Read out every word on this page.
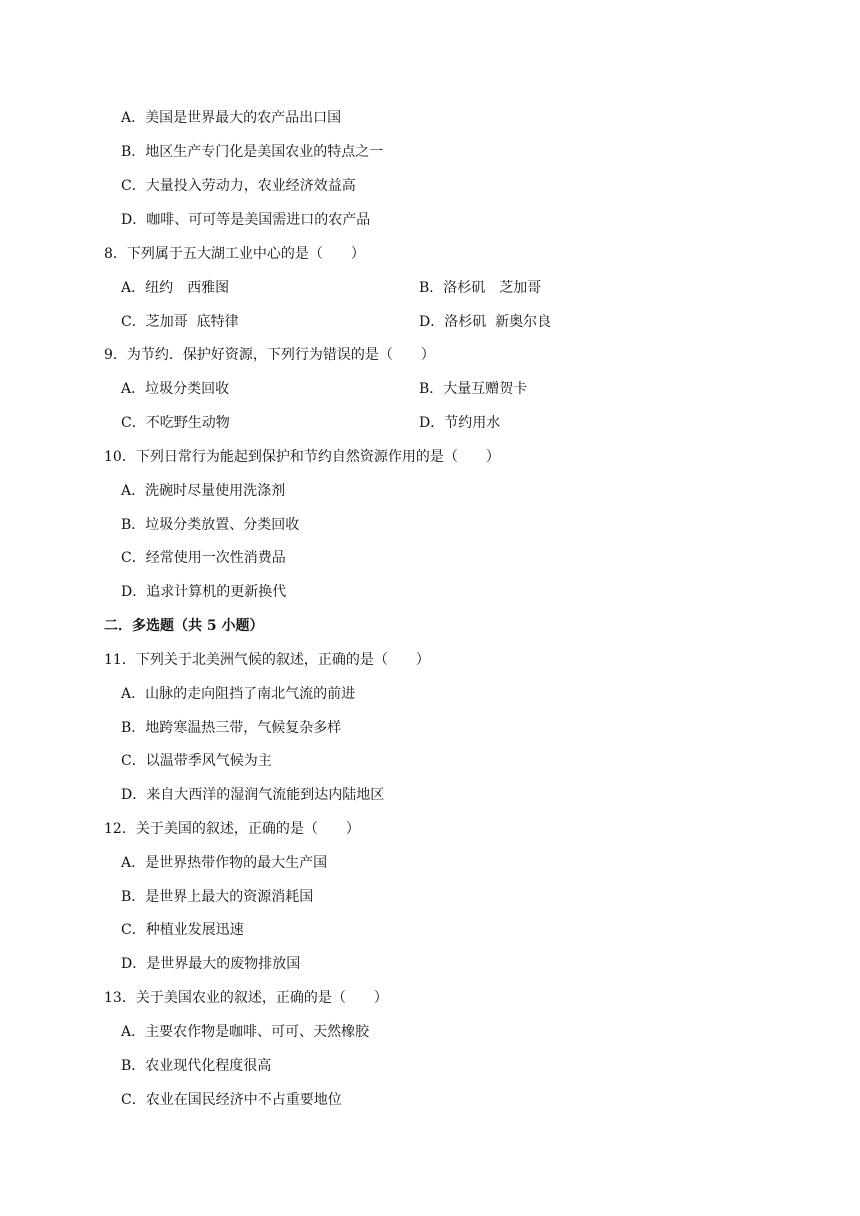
A．美国是世界最大的农产品出口国
B．地区生产专门化是美国农业的特点之一
C．大量投入劳动力，农业经济效益高
D．咖啡、可可等是美国需进口的农产品
8．下列属于五大湖工业中心的是（　　）
A．纽约　西雅图	B．洛杉矶　芝加哥
C．芝加哥  底特律	D．洛杉矶  新奥尔良
9．为节约．保护好资源，下列行为错误的是（　　）
A．垃圾分类回收	B．大量互赠贺卡
C．不吃野生动物	D．节约用水
10．下列日常行为能起到保护和节约自然资源作用的是（　　）
A．洗碗时尽量使用洗涤剂
B．垃圾分类放置、分类回收
C．经常使用一次性消费品
D．追求计算机的更新换代
二．多选题（共 5 小题）
11．下列关于北美洲气候的叙述，正确的是（　　）
A．山脉的走向阻挡了南北气流的前进
B．地跨寒温热三带，气候复杂多样
C．以温带季风气候为主
D．来自大西洋的湿润气流能到达内陆地区
12．关于美国的叙述，正确的是（　　）
A．是世界热带作物的最大生产国
B．是世界上最大的资源消耗国
C．种植业发展迅速
D．是世界最大的废物排放国
13．关于美国农业的叙述，正确的是（　　）
A．主要农作物是咖啡、可可、天然橡胶
B．农业现代化程度很高
C．农业在国民经济中不占重要地位
